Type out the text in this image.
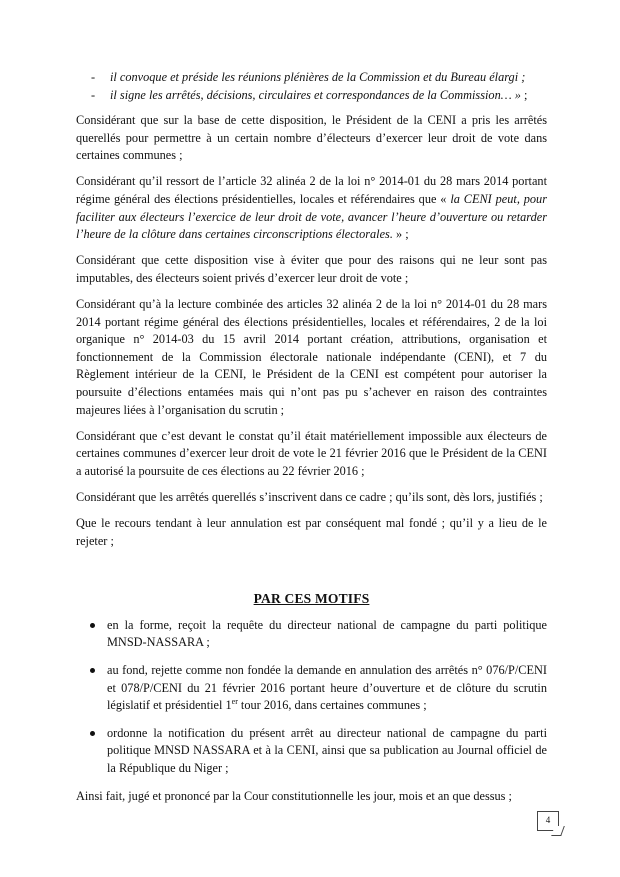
- il convoque et préside les réunions plénières de la Commission et du Bureau élargi ;
- il signe les arrêtés, décisions, circulaires et correspondances de la Commission… » ;

Considérant que sur la base de cette disposition, le Président de la CENI a pris les arrêtés querellés pour permettre à un certain nombre d’électeurs d’exercer leur droit de vote dans certaines communes ;

Considérant qu’il ressort de l’article 32 alinéa 2 de la loi n° 2014-01 du 28 mars 2014 portant régime général des élections présidentielles, locales et référendaires que « la CENI peut, pour faciliter aux électeurs l’exercice de leur droit de vote, avancer l’heure d’ouverture ou retarder l’heure de la clôture dans certaines circonscriptions électorales. » ;

Considérant que cette disposition vise à éviter que pour des raisons qui ne leur sont pas imputables, des électeurs soient privés d’exercer leur droit de vote ;

Considérant qu’à la lecture combinée des articles 32 alinéa 2 de la loi n° 2014-01 du 28 mars 2014 portant régime général des élections présidentielles, locales et référendaires, 2 de la loi organique n° 2014-03 du 15 avril 2014 portant création, attributions, organisation et fonctionnement de la Commission électorale nationale indépendante (CENI), et 7 du Règlement intérieur de la CENI, le Président de la CENI est compétent pour autoriser la poursuite d’élections entamées mais qui n’ont pas pu s’achever en raison des contraintes majeures liées à l’organisation du scrutin ;

Considérant que c’est devant le constat qu’il était matériellement impossible aux électeurs de certaines communes d’exercer leur droit de vote le 21 février 2016 que le Président de la CENI a autorisé la poursuite de ces élections au 22 février 2016 ;

Considérant que les arrêtés querellés s’inscrivent dans ce cadre ; qu’ils sont, dès lors, justifiés ;

Que le recours tendant à leur annulation est par conséquent mal fondé ; qu’il y a lieu de le rejeter ;

PAR CES MOTIFS
en la forme, reçoit la requête du directeur national de campagne du parti politique MNSD-NASSARA ;
au fond, rejette comme non fondée la demande en annulation des arrêtés n° 076/P/CENI et 078/P/CENI du 21 février 2016 portant heure d’ouverture et de clôture du scrutin législatif et présidentiel 1er tour 2016, dans certaines communes ;
ordonne la notification du présent arrêt au directeur national de campagne du parti politique MNSD NASSARA et à la CENI, ainsi que sa publication au Journal officiel de la République du Niger ;

Ainsi fait, jugé et prononcé par la Cour constitutionnelle les jour, mois et an que dessus ;

4
